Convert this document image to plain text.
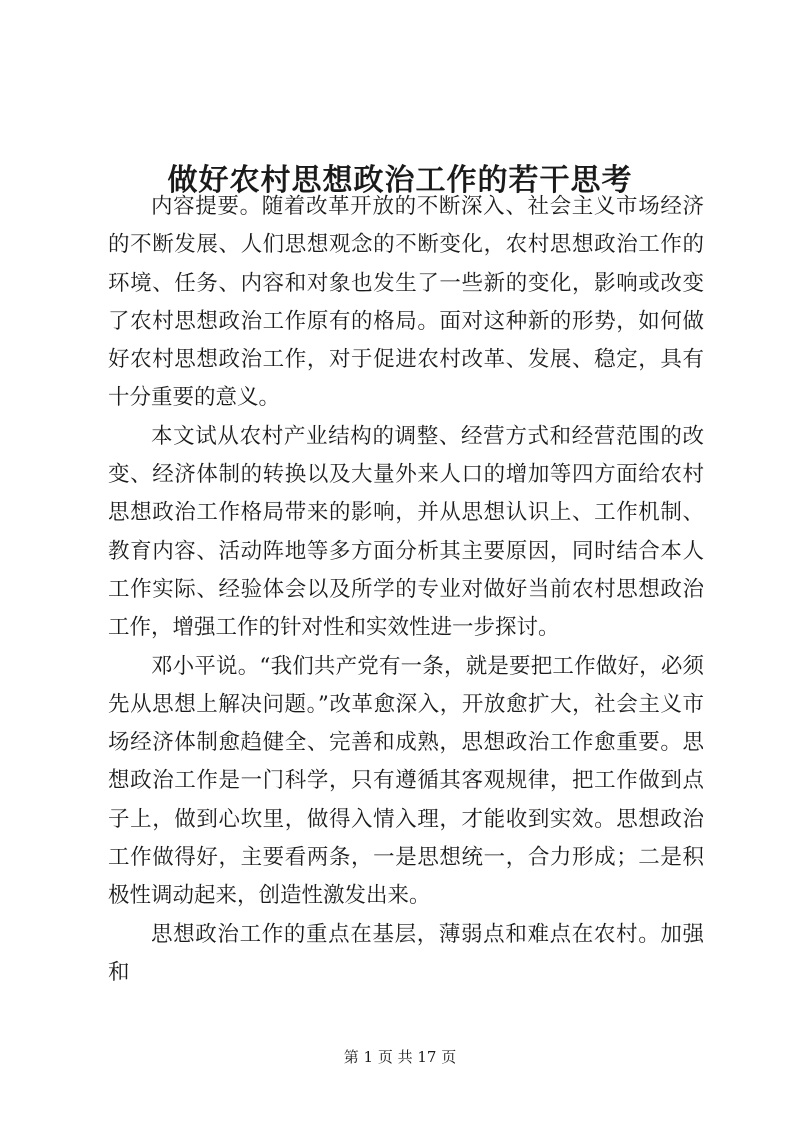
做好农村思想政治工作的若干思考

内容提要。随着改革开放的不断深入、社会主义市场经济的不断发展、人们思想观念的不断变化，农村思想政治工作的环境、任务、内容和对象也发生了一些新的变化，影响或改变了农村思想政治工作原有的格局。面对这种新的形势，如何做好农村思想政治工作，对于促进农村改革、发展、稳定，具有十分重要的意义。

本文试从农村产业结构的调整、经营方式和经营范围的改变、经济体制的转换以及大量外来人口的增加等四方面给农村思想政治工作格局带来的影响，并从思想认识上、工作机制、教育内容、活动阵地等多方面分析其主要原因，同时结合本人工作实际、经验体会以及所学的专业对做好当前农村思想政治工作，增强工作的针对性和实效性进一步探讨。

邓小平说。“我们共产党有一条，就是要把工作做好，必须先从思想上解决问题。”改革愈深入，开放愈扩大，社会主义市场经济体制愈趋健全、完善和成熟，思想政治工作愈重要。思想政治工作是一门科学，只有遵循其客观规律，把工作做到点子上，做到心坎里，做得入情入理，才能收到实效。思想政治工作做得好，主要看两条，一是思想统一，合力形成；二是积极性调动起来，创造性激发出来。

思想政治工作的重点在基层，薄弱点和难点在农村。加强和

第 1 页 共 17 页
